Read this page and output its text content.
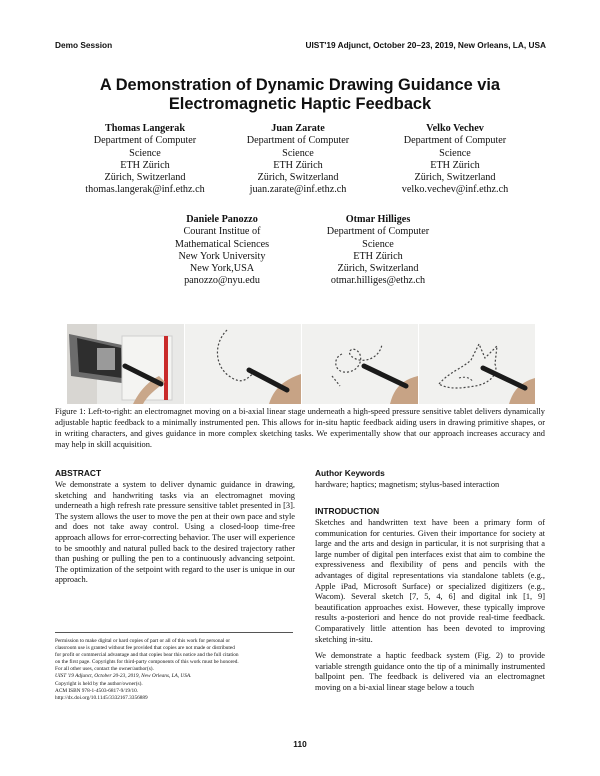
Demo Session	UIST'19 Adjunct, October 20–23, 2019, New Orleans, LA, USA
A Demonstration of Dynamic Drawing Guidance via
Electromagnetic Haptic Feedback
Thomas Langerak
Department of Computer
Science
ETH Zürich
Zürich, Switzerland
thomas.langerak@inf.ethz.ch
Juan Zarate
Department of Computer
Science
ETH Zürich
Zürich, Switzerland
juan.zarate@inf.ethz.ch
Velko Vechev
Department of Computer
Science
ETH Zürich
Zürich, Switzerland
velko.vechev@inf.ethz.ch
Daniele Panozzo
Courant Institue of
Mathematical Sciences
New York University
New York,USA
panozzo@nyu.edu
Otmar Hilliges
Department of Computer
Science
ETH Zürich
Zürich, Switzerland
otmar.hilliges@ethz.ch
Figure 1: Left-to-right: an electromagnet moving on a bi-axial linear stage underneath a high-speed pressure sensitive tablet delivers dynamically adjustable haptic feedback to a minimally instrumented pen. This allows for in-situ haptic feedback aiding users in drawing primitive shapes, or in writing characters, and gives guidance in more complex sketching tasks. We experimentally show that our approach increases accuracy and may help in skill acquisition.
ABSTRACT

We demonstrate a system to deliver dynamic guidance in drawing, sketching and handwriting tasks via an electromagnet moving underneath a high refresh rate pressure sensitive tablet presented in [3]. The system allows the user to move the pen at their own pace and style and does not take away control. Using a closed-loop time-free approach allows for error-correcting behavior. The user will experience to be smoothly and natural pulled back to the desired trajectory rather than pushing or pulling the pen to a continuously advancing setpoint. The optimization of the setpoint with regard to the user is unique in our approach.

Permission to make digital or hard copies of part or all of this work for personal or
classroom use is granted without fee provided that copies are not made or distributed
for profit or commercial advantage and that copies bear this notice and the full citation
on the first page. Copyrights for third-party components of this work must be honored.
For all other uses, contact the owner/author(s).
UIST '19 Adjunct, October 20-23, 2019, New Orleans, LA, USA.
Copyright is held by the author/owner(s).
ACM ISBN 978-1-4503-6817-9/19/10.
http://dx.doi.org/10.1145/3332167.3356889
Author Keywords
hardware; haptics; magnetism; stylus-based interaction
INTRODUCTION

Sketches and handwritten text have been a primary form of communication for centuries. Given their importance for society at large and the arts and design in particular, it is not surprising that a large number of digital pen interfaces exist that aim to combine the expressiveness and flexibility of pens and pencils with the advantages of digital representations via standalone tablets (e.g., Apple iPad, Microsoft Surface) or specialized digitizers (e.g., Wacom). Several sketch [7, 5, 4, 6] and digital ink [1, 9] beautification approaches exist. However, these typically improve results a-posteriori and hence do not provide real-time feedback. Comparatively little attention has been devoted to improving sketching in-situ.

We demonstrate a haptic feedback system (Fig. 2) to provide variable strength guidance onto the tip of a minimally instrumented ballpoint pen. The feedback is delivered via an electromagnet moving on a bi-axial linear stage below a touch

110
